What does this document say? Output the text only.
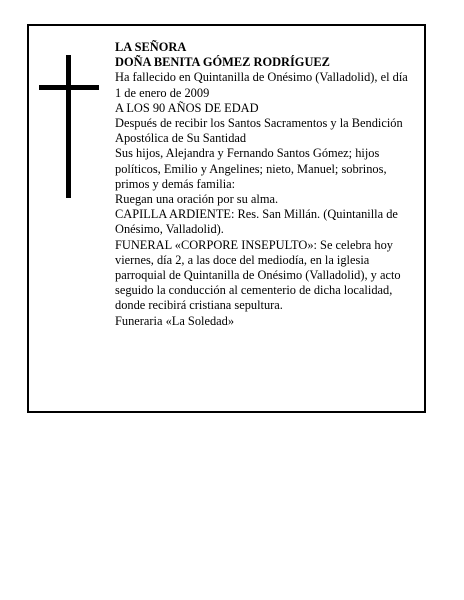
LA SEÑORA

DOÑA BENITA GÓMEZ RODRÍGUEZ

Ha fallecido en Quintanilla de Onésimo (Valladolid), el día 1 de enero de 2009

A LOS 90 AÑOS DE EDAD

Después de recibir los Santos Sacramentos y la Bendición Apostólica de Su Santidad

Sus hijos, Alejandra y Fernando Santos Gómez; hijos políticos, Emilio y Angelines; nieto, Manuel; sobrinos, primos y demás familia:

Ruegan una oración por su alma.

CAPILLA ARDIENTE: Res. San Millán. (Quintanilla de Onésimo, Valladolid).

FUNERAL «CORPORE INSEPULTO»: Se celebra hoy viernes, día 2, a las doce del mediodía, en la iglesia parroquial de Quintanilla de Onésimo (Valladolid), y acto seguido la conducción al cementerio de dicha localidad, donde recibirá cristiana sepultura.

Funeraria «La Soledad»
